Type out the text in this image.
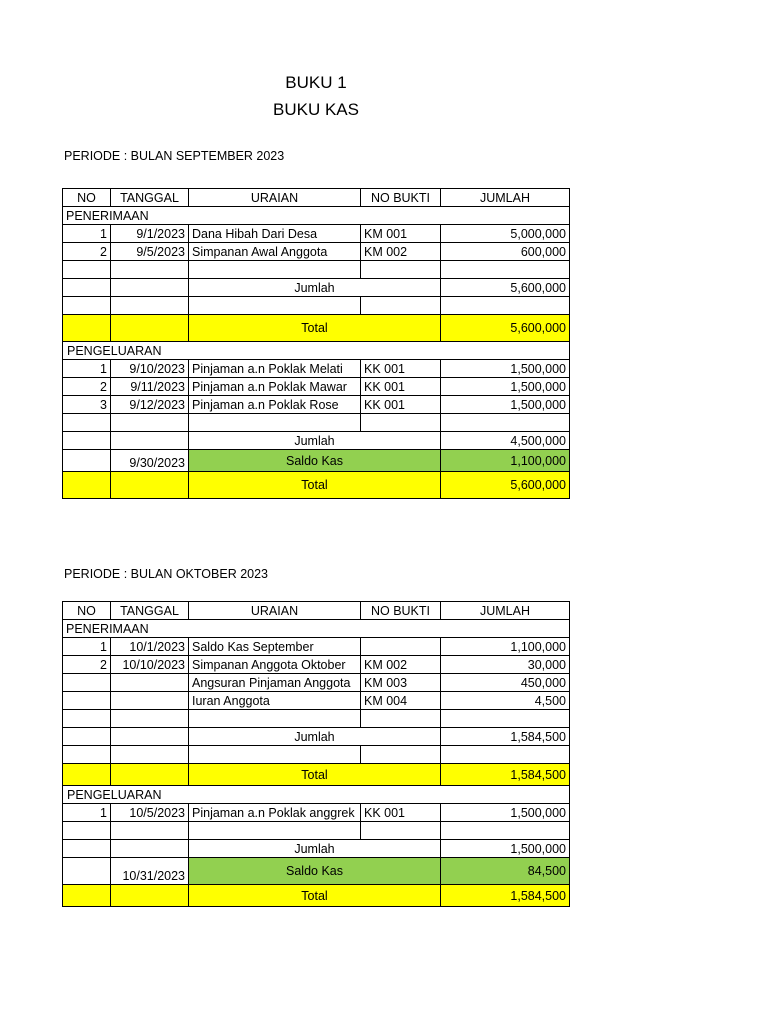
BUKU 1
BUKU KAS
PERIODE : BULAN SEPTEMBER 2023
NO	TANGGAL	URAIAN	NO BUKTI	JUMLAH
PENERIMAAN				
1	9/1/2023	Dana Hibah Dari Desa	KM 001	5,000,000
2	9/5/2023	Simpanan Awal Anggota	KM 002	600,000

		Jumlah		5,600,000

		Total		5,600,000
PENGELUARAN				
1	9/10/2023	Pinjaman a.n Poklak Melati	KK 001	1,500,000
2	9/11/2023	Pinjaman a.n Poklak Mawar	KK 001	1,500,000
3	9/12/2023	Pinjaman a.n Poklak Rose	KK 001	1,500,000

		Jumlah		4,500,000
	9/30/2023	Saldo Kas		1,100,000
		Total		5,600,000
PERIODE : BULAN OKTOBER 2023
NO	TANGGAL	URAIAN	NO BUKTI	JUMLAH
PENERIMAAN				
1	10/1/2023	Saldo Kas September		1,100,000
2	10/10/2023	Simpanan Anggota Oktober	KM 002	30,000
		Angsuran Pinjaman Anggota	KM 003	450,000
		Iuran Anggota	KM 004	4,500

		Jumlah		1,584,500

		Total		1,584,500
PENGELUARAN				
1	10/5/2023	Pinjaman a.n Poklak anggrek	KK 001	1,500,000

		Jumlah		1,500,000
	10/31/2023	Saldo Kas		84,500
		Total		1,584,500
